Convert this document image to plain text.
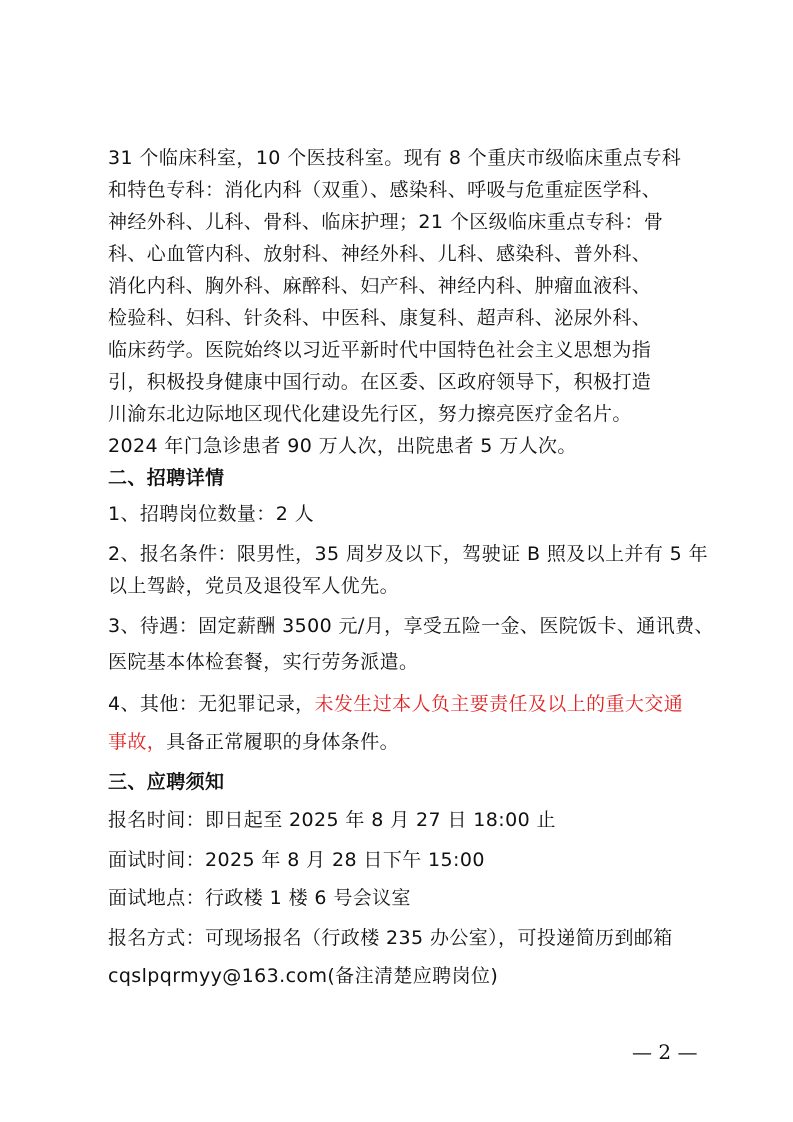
31 个临床科室，10 个医技科室。现有 8 个重庆市级临床重点专科
和特色专科：消化内科（双重）、感染科、呼吸与危重症医学科、
神经外科、儿科、骨科、临床护理；21 个区级临床重点专科：骨
科、心血管内科、放射科、神经外科、儿科、感染科、普外科、
消化内科、胸外科、麻醉科、妇产科、神经内科、肿瘤血液科、
检验科、妇科、针灸科、中医科、康复科、超声科、泌尿外科、
临床药学。医院始终以习近平新时代中国特色社会主义思想为指
引，积极投身健康中国行动。在区委、区政府领导下，积极打造
川渝东北边际地区现代化建设先行区，努力擦亮医疗金名片。
2024 年门急诊患者 90 万人次，出院患者 5 万人次。
二、招聘详情
1、招聘岗位数量：2 人
2、报名条件：限男性，35 周岁及以下，驾驶证 B 照及以上并有 5 年
以上驾龄，党员及退役军人优先。
3、待遇：固定薪酬 3500 元/月，享受五险一金、医院饭卡、通讯费、
医院基本体检套餐，实行劳务派遣。
4、其他：无犯罪记录，未发生过本人负主要责任及以上的重大交通
事故，具备正常履职的身体条件。
三、应聘须知
报名时间：即日起至 2025 年 8 月 27 日 18:00 止
面试时间：2025 年 8 月 28 日下午 15:00
面试地点：行政楼 1 楼 6 号会议室
报名方式：可现场报名（行政楼 235 办公室），可投递简历到邮箱
cqslpqrmyy@163.com(备注清楚应聘岗位)
— 2 —
